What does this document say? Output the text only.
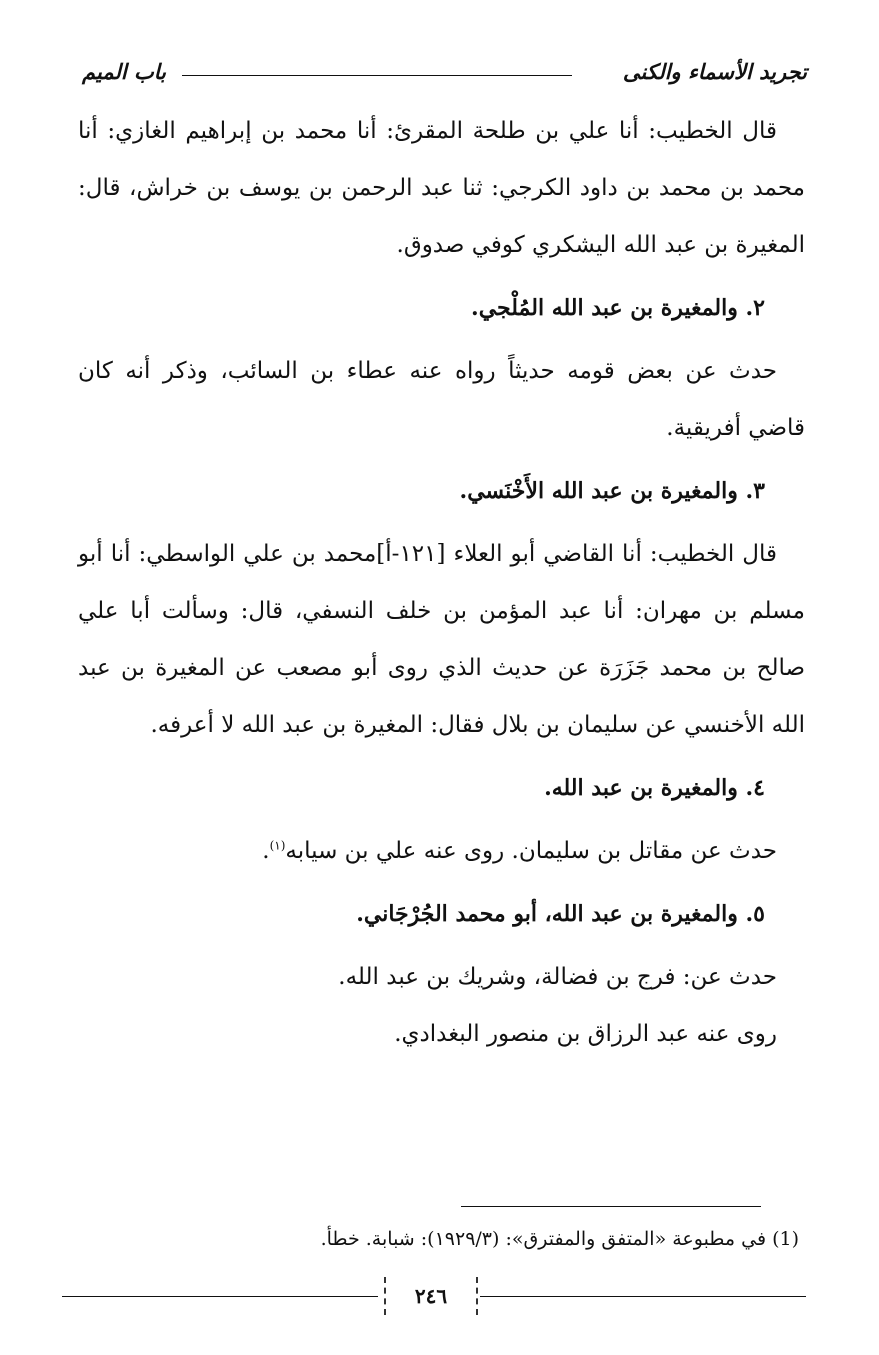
تجريد الأسماء والكنى
باب الميم

قال الخطيب: أنا علي بن طلحة المقرئ: أنا محمد بن إبراهيم الغازي: أنا محمد بن محمد بن داود الكرجي: ثنا عبد الرحمن بن يوسف بن خراش، قال: المغيرة بن عبد الله اليشكري كوفي صدوق.

٢. والمغيرة بن عبد الله المُلْجي.

حدث عن بعض قومه حديثاً رواه عنه عطاء بن السائب، وذكر أنه كان قاضي أفريقية.

٣. والمغيرة بن عبد الله الأَخْنَسي.

قال الخطيب: أنا القاضي أبو العلاء [١٢١-أ]محمد بن علي الواسطي: أنا أبو مسلم بن مهران: أنا عبد المؤمن بن خلف النسفي، قال: وسألت أبا علي صالح بن محمد جَزَرَة عن حديث الذي روى أبو مصعب عن المغيرة بن عبد الله الأخنسي عن سليمان بن بلال فقال: المغيرة بن عبد الله لا أعرفه.

٤. والمغيرة بن عبد الله.

حدث عن مقاتل بن سليمان. روى عنه علي بن سيابه$^{(١)}$.

٥. والمغيرة بن عبد الله، أبو محمد الجُرْجَاني.

حدث عن: فرج بن فضالة، وشريك بن عبد الله.

روى عنه عبد الرزاق بن منصور البغدادي.

(1) في مطبوعة «المتفق والمفترق»: (١٩٢٩/٣): شبابة. خطأ.
٢٤٦
